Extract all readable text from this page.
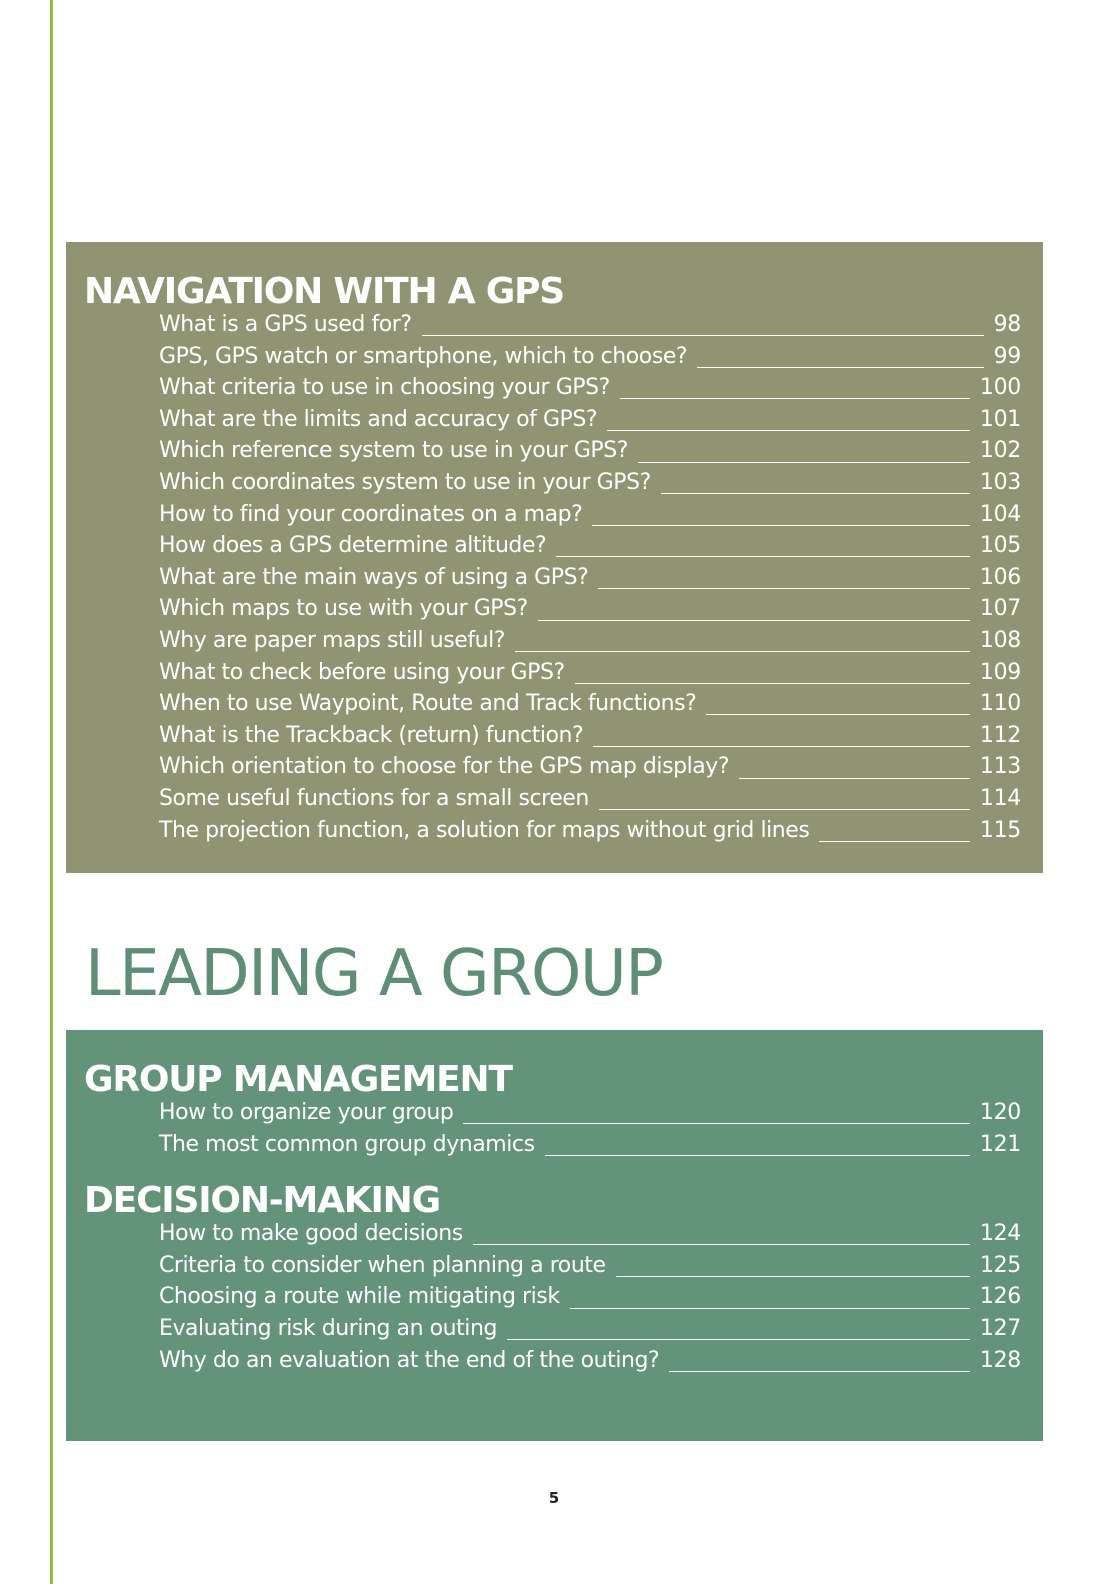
NAVIGATION WITH A GPS
What is a GPS used for?	98
GPS, GPS watch or smartphone, which to choose?	99
What criteria to use in choosing your GPS?	100
What are the limits and accuracy of GPS?	101
Which reference system to use in your GPS?	102
Which coordinates system to use in your GPS?	103
How to find your coordinates on a map?	104
How does a GPS determine altitude?	105
What are the main ways of using a GPS?	106
Which maps to use with your GPS?	107
Why are paper maps still useful?	108
What to check before using your GPS?	109
When to use Waypoint, Route and Track functions?	110
What is the Trackback (return) function?	112
Which orientation to choose for the GPS map display?	113
Some useful functions for a small screen	114
The projection function, a solution for maps without grid lines	115
LEADING A GROUP
GROUP MANAGEMENT
How to organize your group	120
The most common group dynamics	121
DECISION-MAKING
How to make good decisions	124
Criteria to consider when planning a route	125
Choosing a route while mitigating risk	126
Evaluating risk during an outing	127
Why do an evaluation at the end of the outing?	128
5
